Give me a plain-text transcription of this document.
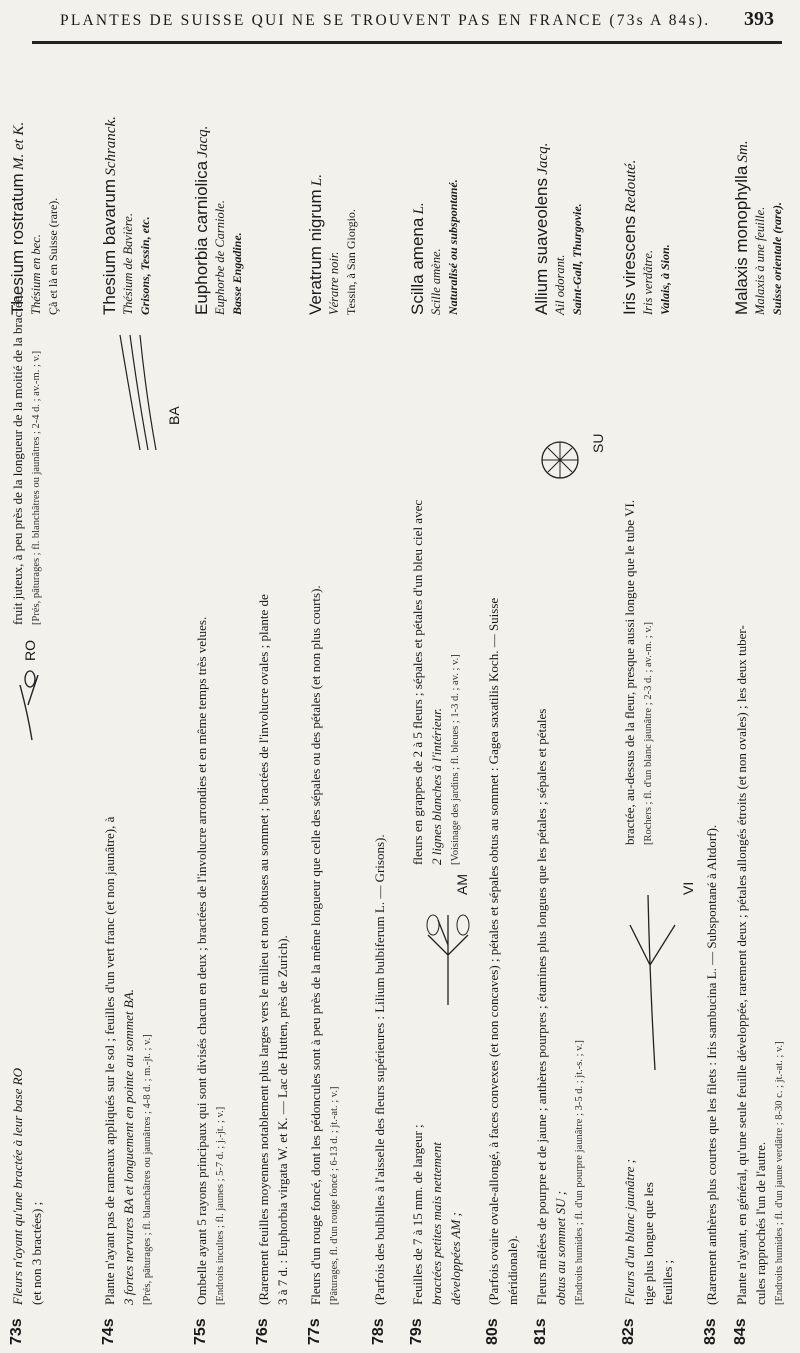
PLANTES DE SUISSE QUI NE SE TROUVENT PAS EN FRANCE (73s A 84s). 393
73s

Fleurs n'ayant qu'une bractée à leur base RO (et non 3 bractées) ;

RO

fruit juteux, à peu près de la longueur de la moitié de la bractée. [Prés, pâturages ; fl. blanchâtres ou jaunâtres ; 2-4 d. ; av.-m. ; v.]

Thesium rostratum M. et K.

Thésium en bec. Çà et là en Suisse (rare).

74s

Plante n'ayant pas de rameaux appliqués sur le sol ; feuilles d'un vert franc (et non jaunâtre), à 3 fortes nervures BA et longuement en pointe au sommet BA. [Prés, pâturages ; fl. blanchâtres ou jaunâtres ; 4-8 d. ; m.-jt. ; v.]

BA

Thesium bavarum Schranck.

Thésium de Bavière. Grisons, Tessin, etc.

75s

Ombelle ayant 5 rayons principaux qui sont divisés chacun en deux ; bractées de l'involucre arrondies et en même temps très velues. [Endroits incultes ; fl. jaunes ; 5-7 d. ; j.-jt. ; v.]

Euphorbia carniolica Jacq.

Euphorbe de Carniole. Basse Engadine.

76s

(Rarement feuilles moyennes notablement plus larges vers le milieu et non obtuses au sommet ; bractées de l'involucre ovales ; plante de 3 à 7 d. : Euphorbia virgata W. et K. — Lac de Hutten, près de Zurich).

77s

Fleurs d'un rouge foncé, dont les pédoncules sont à peu près de la même longueur que celle des sépales ou des pétales (et non plus courts). [Pâturages, fl. d'un rouge foncé ; 6-13 d. ; jt.-at. ; v.]

Veratrum nigrum L.

Vératre noir. Tessin, à San Giorgio.

78s

(Parfois des bulbilles à l'aisselle des fleurs supérieures : Lilium bulbiferum L. — Grisons).

79s

Feuilles de 7 à 15 mm. de largeur ; bractées petites mais nettement développées AM ;

AM

fleurs en grappes de 2 à 5 fleurs ; sépales et pétales d'un bleu ciel avec 2 lignes blanches à l'intérieur. [Voisinage des jardins ; fl. bleues ; 1-3 d. ; av. ; v.]

Scilla amena L.

Scille amène. Naturalisé ou subspontané.

80s

(Parfois ovaire ovale-allongé, à faces convexes (et non concaves) ; pétales et sépales obtus au sommet : Gagea saxatilis Koch. — Suisse méridionale).

81s

Fleurs mêlées de pourpre et de jaune ; anthères pourpres ; étamines plus longues que les pétales ; sépales et pétales obtus au sommet SU ; [Endroits humides ; fl. d'un pourpre jaunâtre ; 3-5 d. ; jt.-s. ; v.]

SU

Allium suaveolens Jacq.

Ail odorant. Saint-Gall, Thurgovie.

82s

Fleurs d'un blanc jaunâtre ; tige plus longue que les feuilles ;

VI

bractée, au-dessus de la fleur, presque aussi longue que le tube VI. [Rochers ; fl. d'un blanc jaunâtre ; 2-3 d. ; av.-m. ; v.]

Iris virescens Redouté.

Iris verdâtre. Valais, à Sion.

83s

(Rarement anthères plus courtes que les filets : Iris sambucina L. — Subspontané à Altdorf).

84s

Plante n'ayant, en général, qu'une seule feuille développée, rarement deux ; pétales allongés étroits (et non ovales) ; les deux tuber- cules rapprochés l'un de l'autre. [Endroits humides ; fl. d'un jaune verdâtre ; 8-30 c. ; jt.-at. ; v.]

Malaxis monophylla Sm.

Malaxis à une feuille. Suisse orientale (rare).
